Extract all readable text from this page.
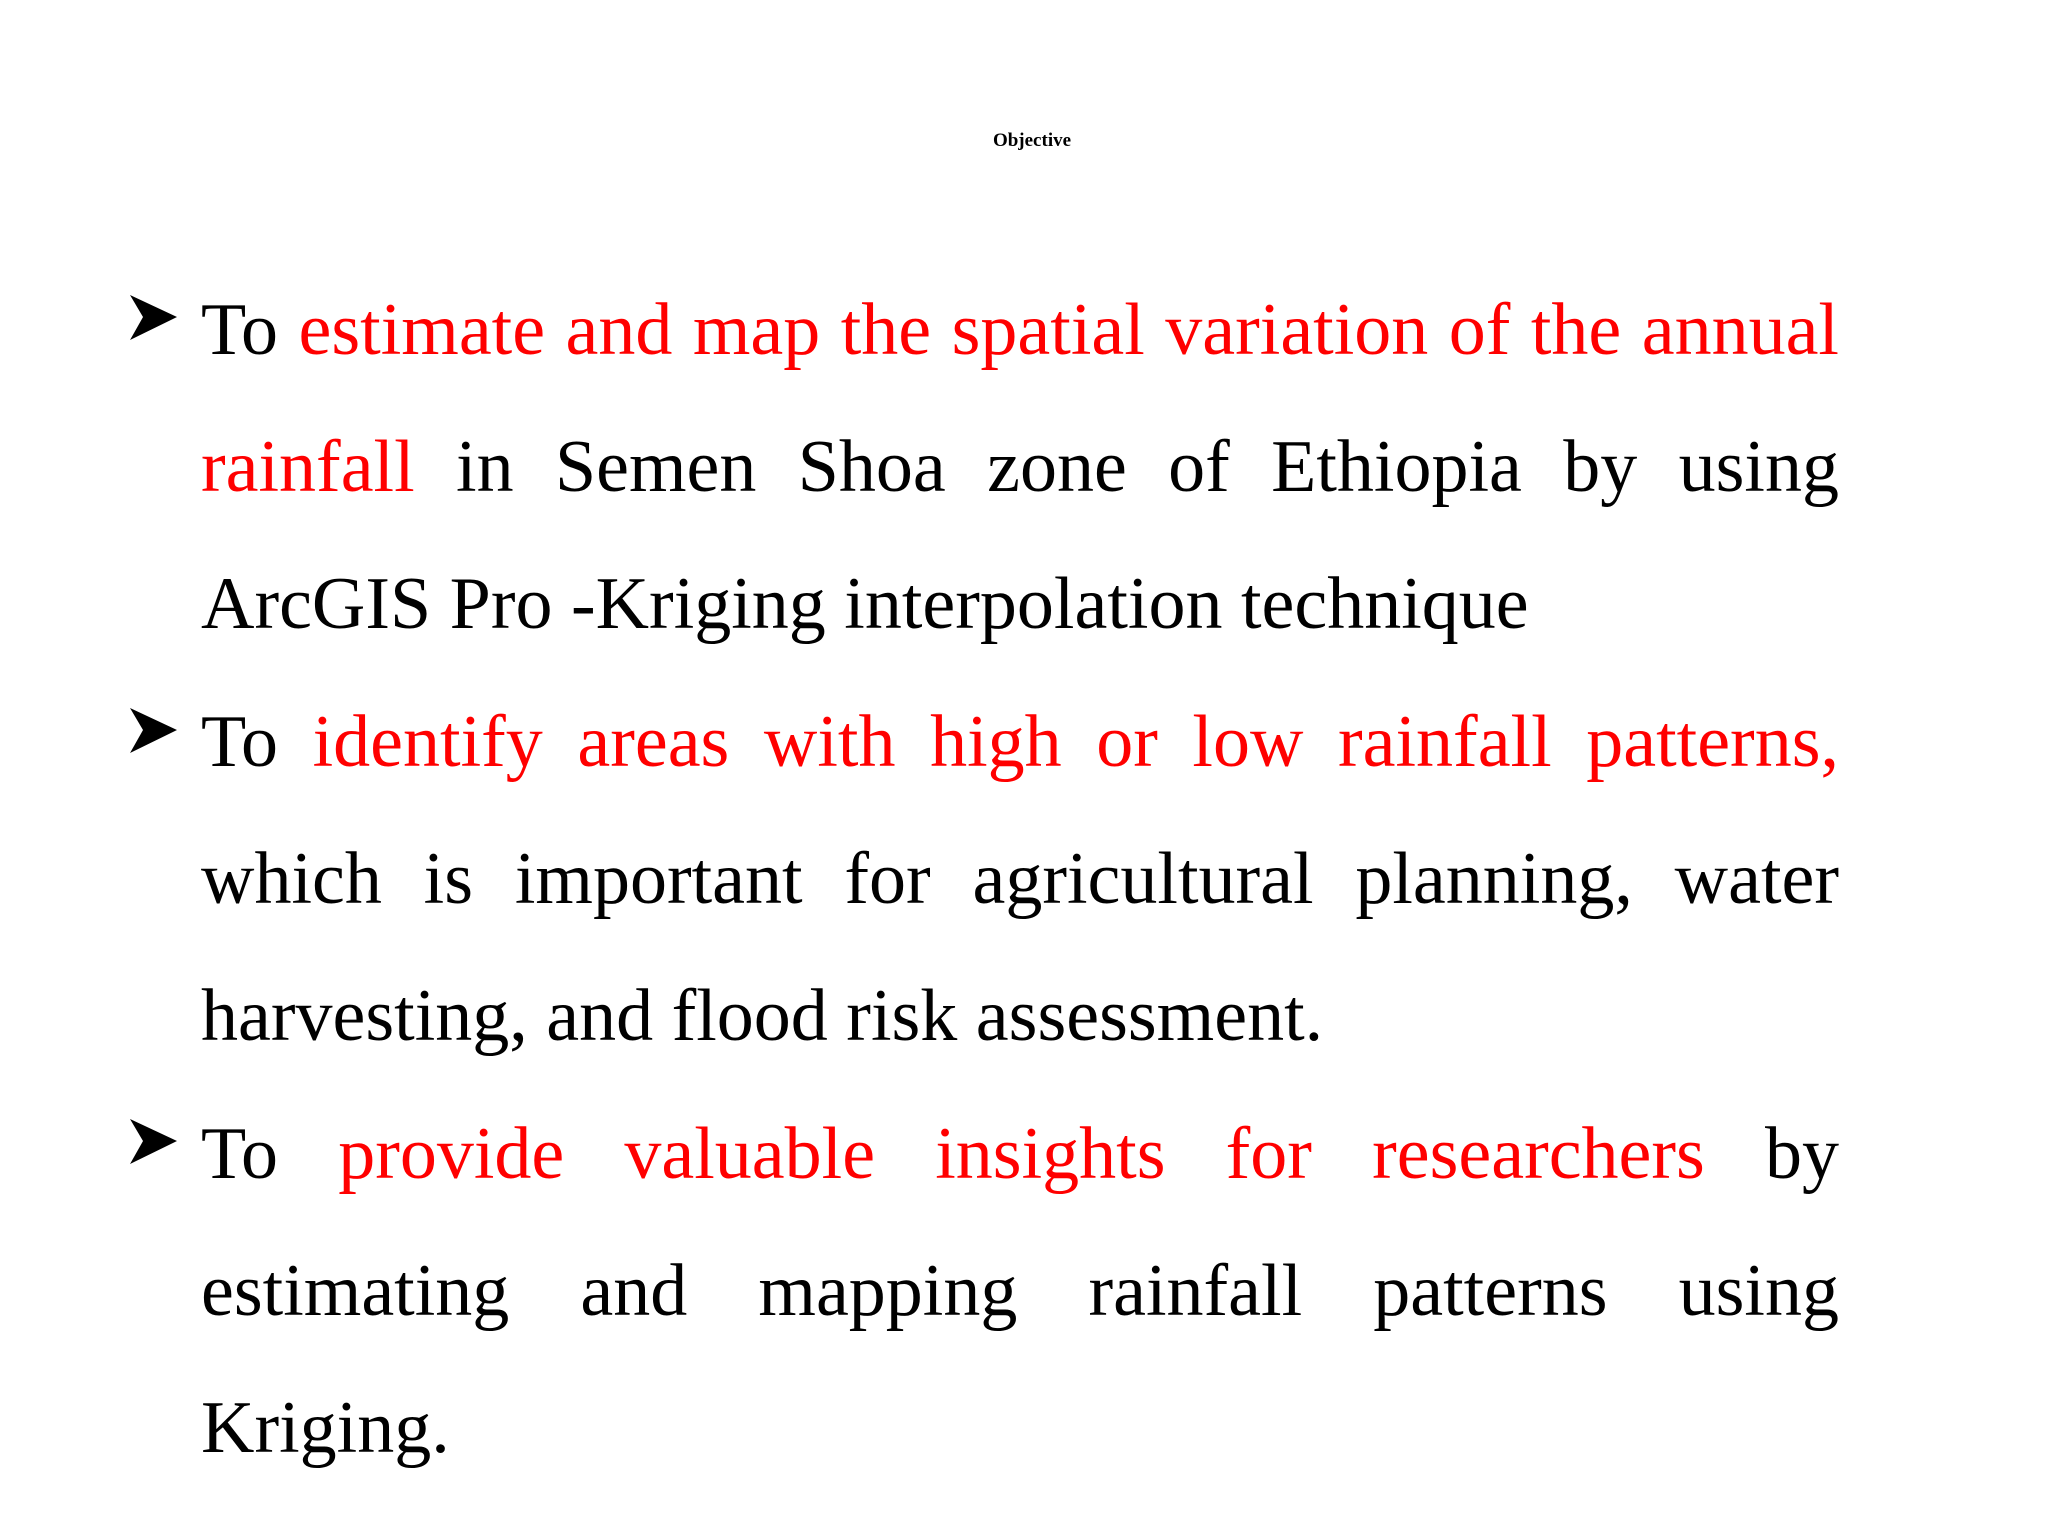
Objective
To estimate and map the spatial variation of the annual rainfall in Semen Shoa zone of Ethiopia by using ArcGIS Pro -Kriging interpolation technique
To identify areas with high or low rainfall patterns, which is important for agricultural planning, water harvesting, and flood risk assessment.
To provide valuable insights for researchers by estimating and mapping rainfall patterns using Kriging.
